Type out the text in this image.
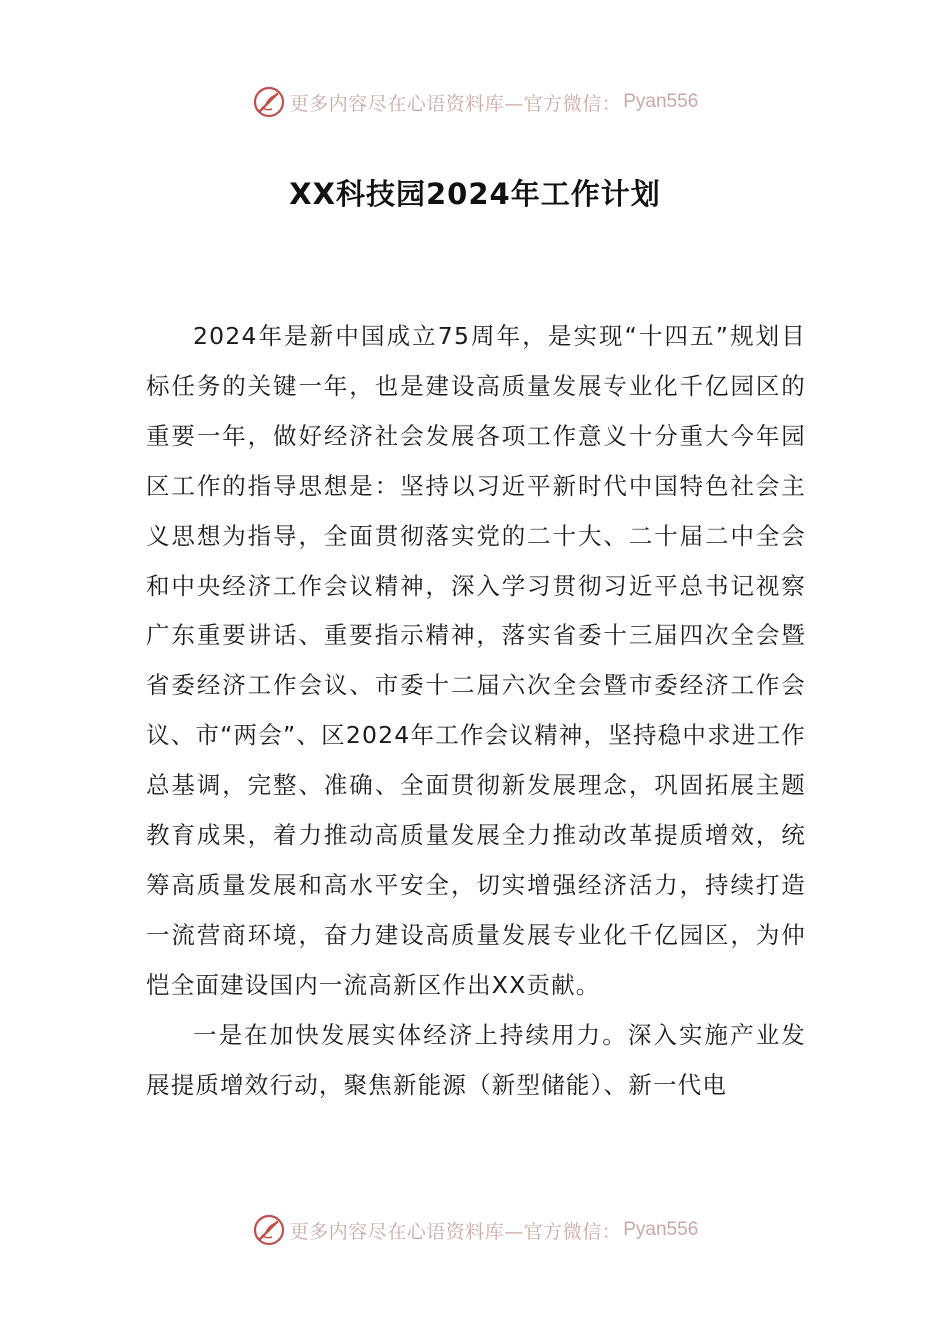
更多内容尽在心语资料库—官方微信： Pyan556
XX科技园2024年工作计划

2024年是新中国成立75周年，是实现“十四五”规划目标任务的关键一年，也是建设高质量发展专业化千亿园区的重要一年，做好经济社会发展各项工作意义十分重大今年园区工作的指导思想是：坚持以习近平新时代中国特色社会主义思想为指导，全面贯彻落实党的二十大、二十届二中全会和中央经济工作会议精神，深入学习贯彻习近平总书记视察广东重要讲话、重要指示精神，落实省委十三届四次全会暨省委经济工作会议、市委十二届六次全会暨市委经济工作会议、市“两会”、区2024年工作会议精神，坚持稳中求进工作总基调，完整、准确、全面贯彻新发展理念，巩固拓展主题教育成果，着力推动高质量发展全力推动改革提质增效，统筹高质量发展和高水平安全，切实增强经济活力，持续打造一流营商环境，奋力建设高质量发展专业化千亿园区，为仲恺全面建设国内一流高新区作出XX贡献。

一是在加快发展实体经济上持续用力。深入实施产业发展提质增效行动，聚焦新能源（新型储能）、新一代电

更多内容尽在心语资料库—官方微信： Pyan556
